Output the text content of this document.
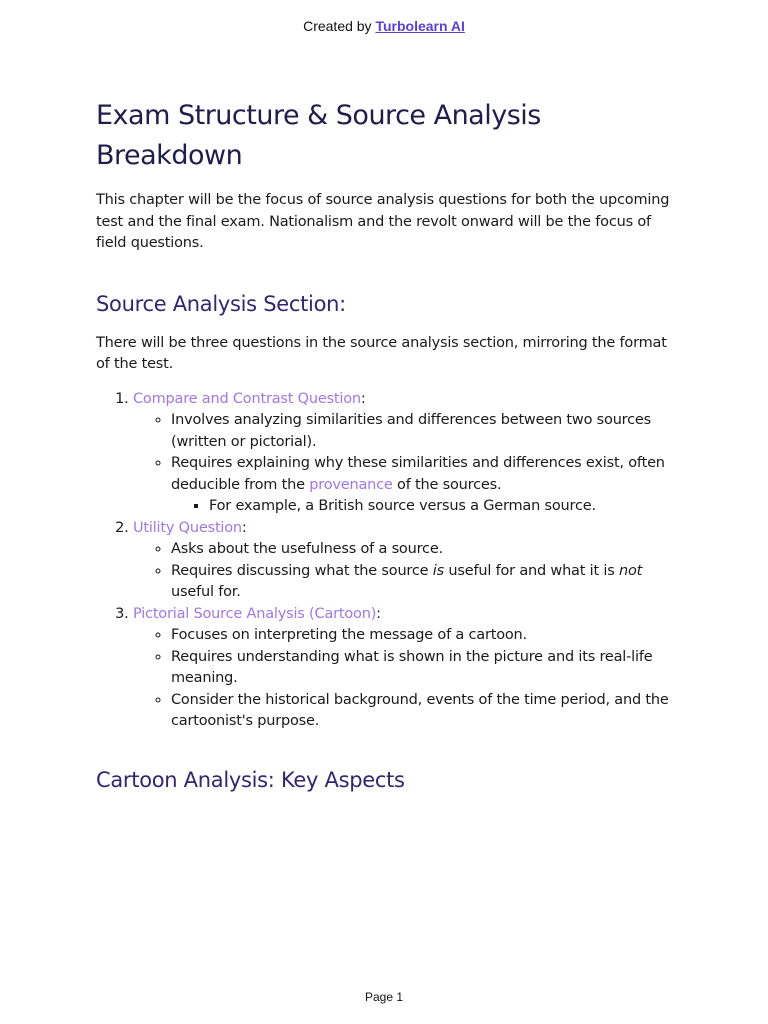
Created by Turbolearn AI
Exam Structure & Source Analysis Breakdown

This chapter will be the focus of source analysis questions for both the upcoming test and the final exam. Nationalism and the revolt onward will be the focus of field questions.

Source Analysis Section:

There will be three questions in the source analysis section, mirroring the format of the test.

1. Compare and Contrast Question:
◦ Involves analyzing similarities and differences between two sources (written or pictorial).
◦ Requires explaining why these similarities and differences exist, often deducible from the provenance of the sources.
▪ For example, a British source versus a German source.
2. Utility Question:
◦ Asks about the usefulness of a source.
◦ Requires discussing what the source is useful for and what it is not useful for.
3. Pictorial Source Analysis (Cartoon):
◦ Focuses on interpreting the message of a cartoon.
◦ Requires understanding what is shown in the picture and its real-life meaning.
◦ Consider the historical background, events of the time period, and the cartoonist's purpose.
Cartoon Analysis: Key Aspects
Page 1
